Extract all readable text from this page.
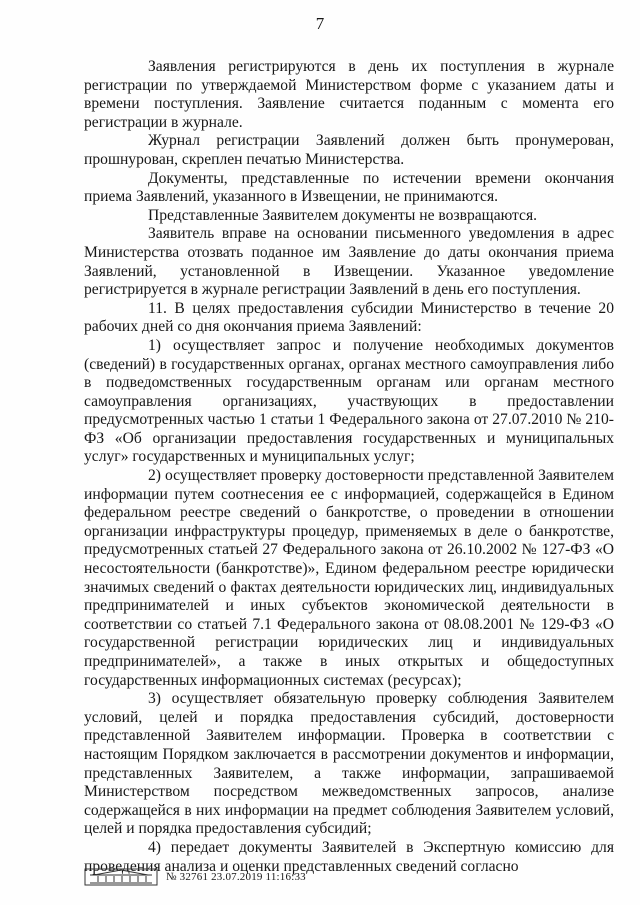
7

Заявления регистрируются в день их поступления в журнале регистрации по утверждаемой Министерством форме с указанием даты и времени поступления. Заявление считается поданным с момента его регистрации в журнале.

Журнал регистрации Заявлений должен быть пронумерован, прошнурован, скреплен печатью Министерства.

Документы, представленные по истечении времени окончания приема Заявлений, указанного в Извещении, не принимаются.

Представленные Заявителем документы не возвращаются.

Заявитель вправе на основании письменного уведомления в адрес Министерства отозвать поданное им Заявление до даты окончания приема Заявлений, установленной в Извещении. Указанное уведомление регистрируется в журнале регистрации Заявлений в день его поступления.

11. В целях предоставления субсидии Министерство в течение 20 рабочих дней со дня окончания приема Заявлений:

1) осуществляет запрос и получение необходимых документов (сведений) в государственных органах, органах местного самоуправления либо в подведомственных государственным органам или органам местного самоуправления организациях, участвующих в предоставлении предусмотренных частью 1 статьи 1 Федерального закона от 27.07.2010 № 210-ФЗ «Об организации предоставления государственных и муниципальных услуг» государственных и муниципальных услуг;

2) осуществляет проверку достоверности представленной Заявителем информации путем соотнесения ее с информацией, содержащейся в Едином федеральном реестре сведений о банкротстве, о проведении в отношении организации инфраструктуры процедур, применяемых в деле о банкротстве, предусмотренных статьей 27 Федерального закона от 26.10.2002 № 127-ФЗ «О несостоятельности (банкротстве)», Едином федеральном реестре юридически значимых сведений о фактах деятельности юридических лиц, индивидуальных предпринимателей и иных субъектов экономической деятельности в соответствии со статьей 7.1 Федерального закона от 08.08.2001 № 129-ФЗ «О государственной регистрации юридических лиц и индивидуальных предпринимателей», а также в иных открытых и общедоступных государственных информационных системах (ресурсах);

3) осуществляет обязательную проверку соблюдения Заявителем условий, целей и порядка предоставления субсидий, достоверности представленной Заявителем информации. Проверка в соответствии с настоящим Порядком заключается в рассмотрении документов и информации, представленных Заявителем, а также информации, запрашиваемой Министерством посредством межведомственных запросов, анализе содержащейся в них информации на предмет соблюдения Заявителем условий, целей и порядка предоставления субсидий;

4) передает документы Заявителей в Экспертную комиссию для проведения анализа и оценки представленных сведений согласно

№ 32761 23.07.2019 11:16:33
